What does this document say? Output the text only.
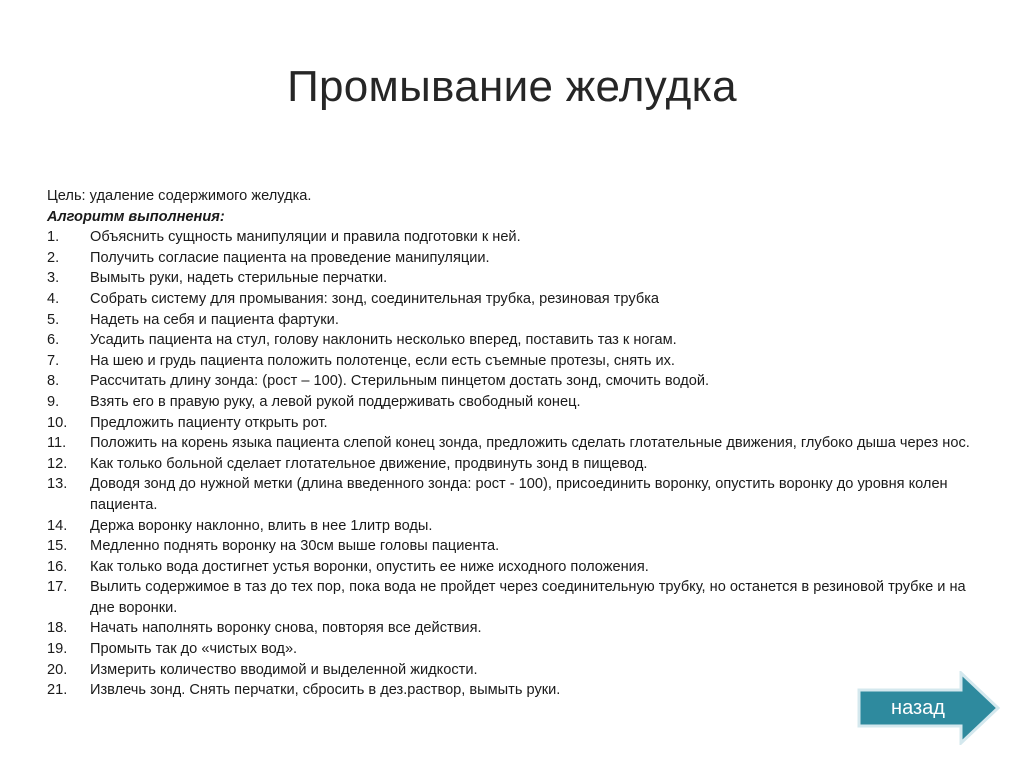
Промывание желудка
Цель: удаление содержимого желудка.
Алгоритм выполнения:
1. Объяснить сущность манипуляции и правила подготовки к ней.
2. Получить согласие пациента на проведение манипуляции.
3. Вымыть руки, надеть стерильные перчатки.
4. Собрать систему для промывания: зонд, соединительная трубка, резиновая трубка
5. Надеть на себя и пациента фартуки.
6. Усадить пациента на стул, голову наклонить несколько вперед, поставить таз к ногам.
7. На шею и грудь пациента положить полотенце, если есть съемные протезы, снять их.
8. Рассчитать длину зонда: (рост – 100). Стерильным пинцетом достать зонд, смочить водой.
9. Взять его в правую руку, а левой рукой поддерживать свободный конец.
10. Предложить пациенту открыть рот.
11. Положить на корень языка пациента слепой конец зонда, предложить сделать глотательные движения, глубоко дыша через нос.
12. Как только больной сделает глотательное движение, продвинуть зонд в пищевод.
13. Доводя зонд до нужной метки (длина введенного зонда: рост - 100), присоединить воронку, опустить воронку до уровня колен пациента.
14. Держа воронку наклонно, влить в нее 1литр воды.
15. Медленно поднять воронку на 30см выше головы пациента.
16. Как только вода достигнет устья воронки, опустить ее ниже исходного положения.
17. Вылить содержимое в таз до тех пор, пока вода не пройдет через соединительную трубку, но останется в резиновой трубке и на дне воронки.
18. Начать наполнять воронку снова, повторяя все действия.
19. Промыть так до «чистых вод».
20. Измерить количество вводимой и выделенной жидкости.
21. Извлечь зонд. Снять перчатки, сбросить в дез.раствор, вымыть руки.
назад
